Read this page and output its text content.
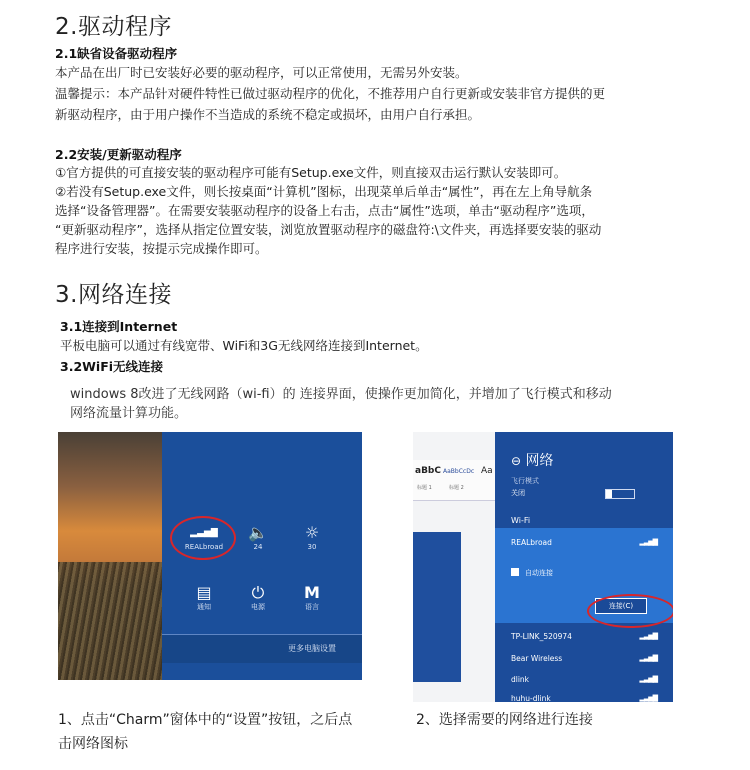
2.驱动程序
2.1缺省设备驱动程序
本产品在出厂时已安装好必要的驱动程序，可以正常使用，无需另外安装。
温馨提示：本产品针对硬件特性已做过驱动程序的优化，不推荐用户自行更新或安装非官方提供的更
新驱动程序，由于用户操作不当造成的系统不稳定或损坏，由用户自行承担。
2.2安装/更新驱动程序
①官方提供的可直接安装的驱动程序可能有Setup.exe文件，则直接双击运行默认安装即可。
②若没有Setup.exe文件，则长按桌面“计算机”图标，出现菜单后单击“属性”，再在左上角导航条
选择“设备管理器”。在需要安装驱动程序的设备上右击，点击“属性”选项，单击“驱动程序”选项，
“更新驱动程序”，选择从指定位置安装，浏览放置驱动程序的磁盘符:\文件夹，再选择要安装的驱动
程序进行安装，按提示完成操作即可。
3.网络连接
3.1连接到Internet
平板电脑可以通过有线宽带、WiFi和3G无线网络连接到Internet。
3.2WiFi无线连接
windows 8改进了无线网路（wi-fi）的 连接界面，使操作更加简化，并增加了飞行模式和移动
网络流量计算功能。
▂▃▅▇
REALbroad
🔈
24
☼
30
▤
通知
⏻
电源
M
语言
更多电脑设置
aBbC AaBbCcDc Aa
标题 1	标题 2
⊖ 网络
飞行模式
关闭
Wi-Fi
REALbroad	▂▃▅▇
自动连接
连接(C)
TP-LINK_520974	▂▃▅▇
Bear Wireless	▂▃▅▇
dlink	▂▃▅▇
huhu-dlink	▂▃▅▇
1、点击“Charm”窗体中的“设置”按钮，之后点
击网络图标
2、选择需要的网络进行连接
